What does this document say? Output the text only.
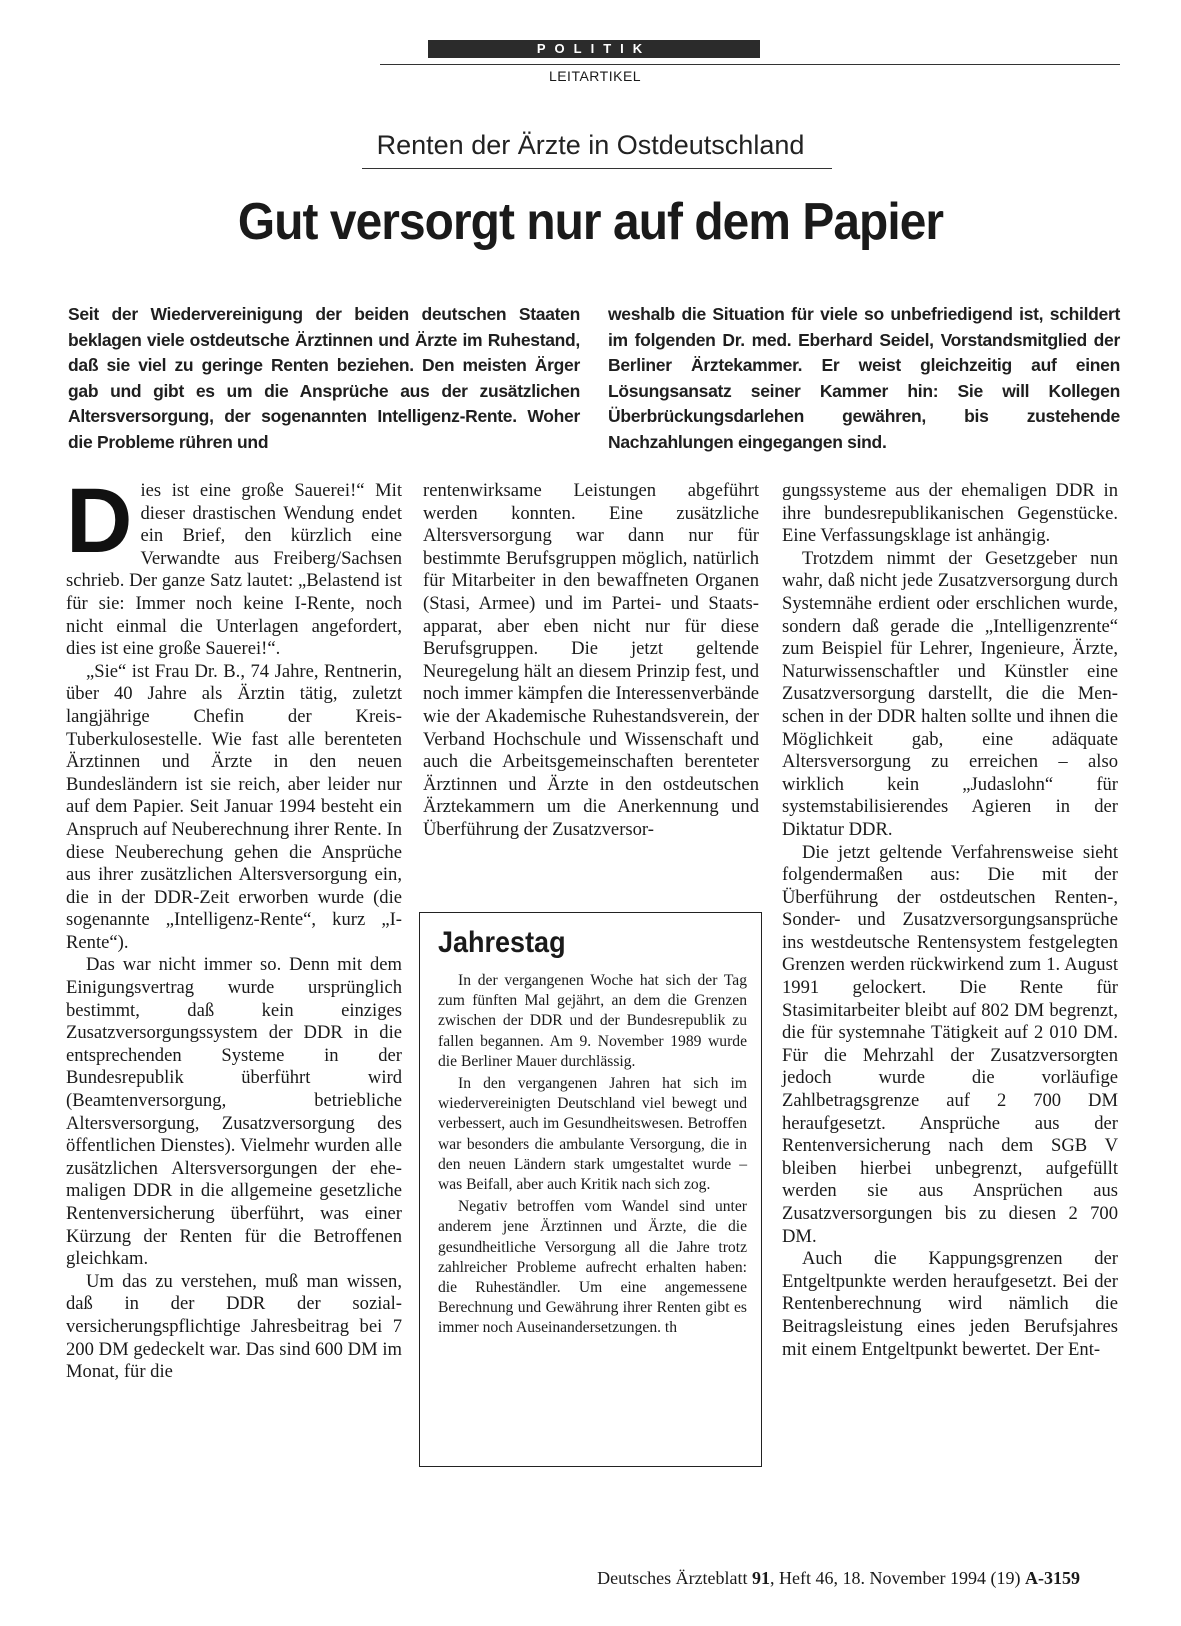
POLITIK
LEITARTIKEL
Renten der Ärzte in Ostdeutschland
Gut versorgt nur auf dem Papier
Seit der Wiedervereinigung der beiden deutschen Staaten beklagen viele ostdeutsche Ärztinnen und Ärzte im Ruhestand, daß sie viel zu geringe Renten beziehen. Den meisten Ärger gab und gibt es um die Ansprüche aus der zusätzlichen Altersversorgung, der sogenannten Intelligenz-Rente. Woher die Probleme rühren und
weshalb die Situation für viele so unbefriedigend ist, schildert im folgenden Dr. med. Eberhard Seidel, Vorstandsmitglied der Berliner Ärztekammer. Er weist gleichzeitig auf einen Lösungsansatz seiner Kammer hin: Sie will Kollegen Überbrückungsdarlehen gewähren, bis zustehende Nachzahlungen eingegangen sind.

Dies ist eine große Sauerei!“ Mit dieser drastischen Wendung endet ein Brief, den kürzlich eine Verwandte aus Freiberg/Sachsen schrieb. Der ganze Satz lautet: „Belastend ist für sie: Immer noch keine I-Rente, noch nicht einmal die Unterlagen angefordert, dies ist eine große Sauerei!“.

„Sie“ ist Frau Dr. B., 74 Jahre, Rentnerin, über 40 Jahre als Ärztin tätig, zuletzt langjährige Chefin der Kreis-Tuberkulosestelle. Wie fast alle berenteten Ärztinnen und Ärzte in den neuen Bundesländern ist sie reich, aber leider nur auf dem Papier. Seit Januar 1994 besteht ein Anspruch auf Neuberechnung ihrer Rente. In diese Neuberechung gehen die Ansprüche aus ihrer zusätzlichen Altersversorgung ein, die in der DDR-Zeit erworben wurde (die sogenannte „Intelligenz-Rente“, kurz „I-Rente“).

Das war nicht immer so. Denn mit dem Einigungsvertrag wurde ursprünglich bestimmt, daß kein einziges Zusatzversorgungssystem der DDR in die entsprechenden Systeme in der Bundesrepublik überführt wird (Beamtenversorgung, betriebliche Altersversorgung, Zusatzversorgung des öffentlichen Dienstes). Vielmehr wurden alle zusätzlichen Altersversorgungen der ehemaligen DDR in die allgemeine gesetzliche Rentenversicherung überführt, was einer Kürzung der Renten für die Betroffenen gleichkam.

Um das zu verstehen, muß man wissen, daß in der DDR der sozialversicherungspflichtige Jahresbeitrag bei 7 200 DM gedeckelt war. Das sind 600 DM im Monat, für die

rentenwirksame Leistungen abgeführt werden konnten. Eine zusätzliche Altersversorgung war dann nur für bestimmte Berufsgruppen möglich, natürlich für Mitarbeiter in den bewaffneten Organen (Stasi, Armee) und im Partei- und Staatsapparat, aber eben nicht nur für diese Berufsgruppen. Die jetzt geltende Neuregelung hält an diesem Prinzip fest, und noch immer kämpfen die Interessenverbände wie der Akademische Ruhestandsverein, der Verband Hochschule und Wissenschaft und auch die Arbeitsgemeinschaften berenteter Ärztinnen und Ärzte in den ostdeutschen Ärztekammern um die Anerkennung und Überführung der Zusatzversor-

Jahrestag

In der vergangenen Woche hat sich der Tag zum fünften Mal gejährt, an dem die Grenzen zwischen der DDR und der Bundesrepublik zu fallen begannen. Am 9. November 1989 wurde die Berliner Mauer durchlässig.

In den vergangenen Jahren hat sich im wiedervereinigten Deutschland viel bewegt und verbessert, auch im Gesundheitswesen. Betroffen war besonders die ambulante Versorgung, die in den neuen Ländern stark umgestaltet wurde – was Beifall, aber auch Kritik nach sich zog.

Negativ betroffen vom Wandel sind unter anderem jene Ärztinnen und Ärzte, die die gesundheitliche Versorgung all die Jahre trotz zahlreicher Probleme aufrecht erhalten haben: die Ruheständler. Um eine angemessene Berechnung und Gewährung ihrer Renten gibt es immer noch Auseinandersetzungen. th

gungssysteme aus der ehemaligen DDR in ihre bundesrepublikanischen Gegenstücke. Eine Verfassungsklage ist anhängig.

Trotzdem nimmt der Gesetzgeber nun wahr, daß nicht jede Zusatzversorgung durch Systemnähe erdient oder erschlichen wurde, sondern daß gerade die „Intelligenzrente“ zum Beispiel für Lehrer, Ingenieure, Ärzte, Naturwissenschaftler und Künstler eine Zusatzversorgung darstellt, die die Menschen in der DDR halten sollte und ihnen die Möglichkeit gab, eine adäquate Altersversorgung zu erreichen – also wirklich kein „Judaslohn“ für systemstabilisierendes Agieren in der Diktatur DDR.

Die jetzt geltende Verfahrensweise sieht folgendermaßen aus: Die mit der Überführung der ostdeutschen Renten-, Sonder- und Zusatzversorgungsansprüche ins westdeutsche Rentensystem festgelegten Grenzen werden rückwirkend zum 1. August 1991 gelockert. Die Rente für Stasimitarbeiter bleibt auf 802 DM begrenzt, die für systemnahe Tätigkeit auf 2 010 DM. Für die Mehrzahl der Zusatzversorgten jedoch wurde die vorläufige Zahlbetragsgrenze auf 2 700 DM heraufgesetzt. Ansprüche aus der Rentenversicherung nach dem SGB V bleiben hierbei unbegrenzt, aufgefüllt werden sie aus Ansprüchen aus Zusatzversorgungen bis zu diesen 2 700 DM.

Auch die Kappungsgrenzen der Entgeltpunkte werden heraufgesetzt. Bei der Rentenberechnung wird nämlich die Beitragsleistung eines jeden Berufsjahres mit einem Entgeltpunkt bewertet. Der Ent-

Deutsches Ärzteblatt 91, Heft 46, 18. November 1994 (19) A-3159
